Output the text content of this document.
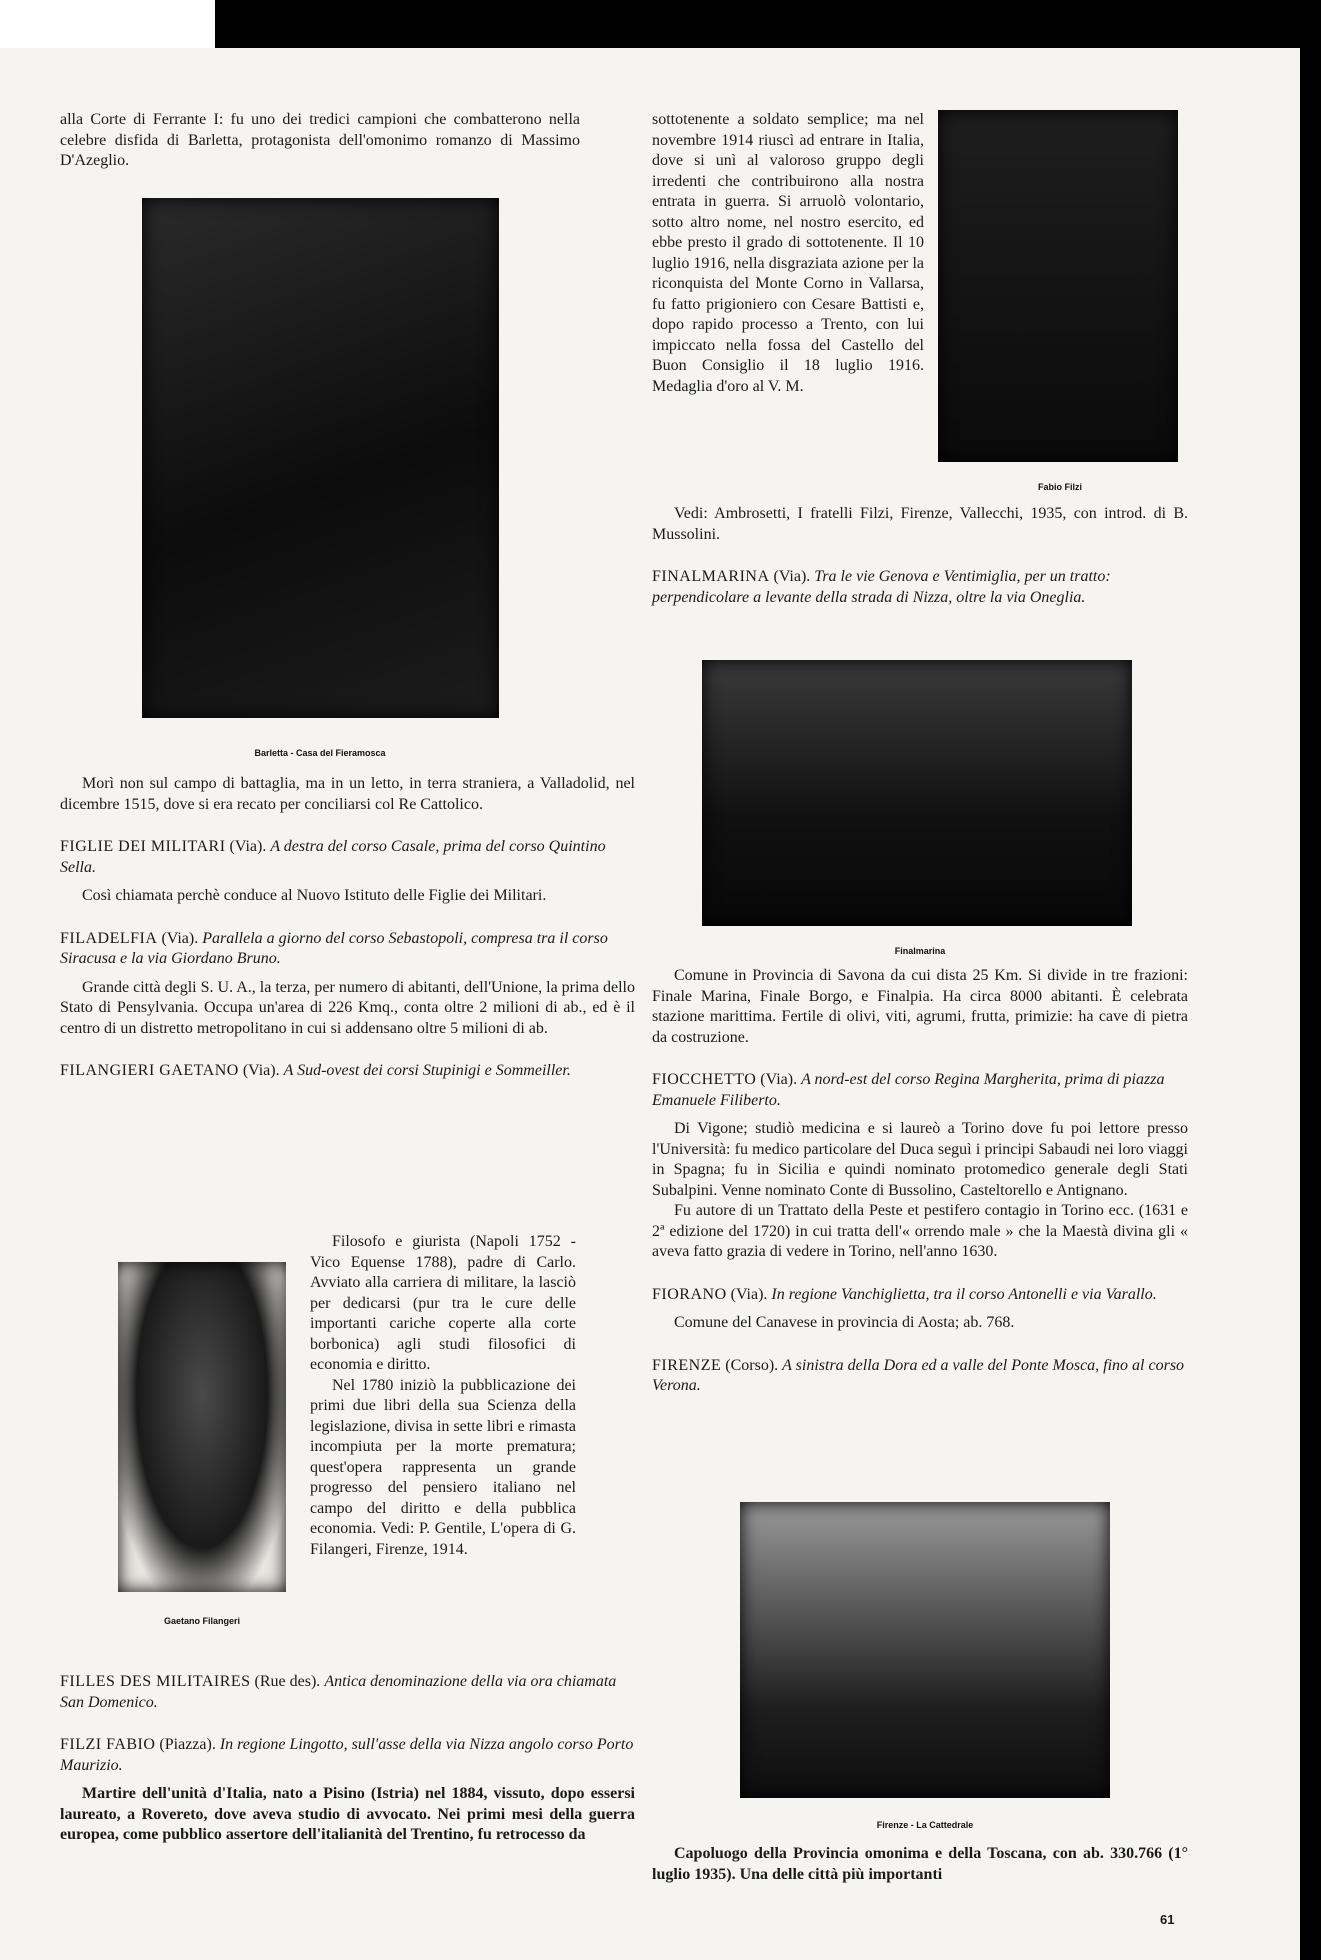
alla Corte di Ferrante I: fu uno dei tredici campioni che combatterono nella celebre disfida di Barletta, protagonista dell'omonimo romanzo di Massimo D'Azeglio.

Barletta - Casa del Fieramosca

Morì non sul campo di battaglia, ma in un letto, in terra straniera, a Valladolid, nel dicembre 1515, dove si era recato per conciliarsi col Re Cattolico.

FIGLIE DEI MILITARI (Via). A destra del corso Casale, prima del corso Quintino Sella.

Così chiamata perchè conduce al Nuovo Istituto delle Figlie dei Militari.

FILADELFIA (Via). Parallela a giorno del corso Sebastopoli, compresa tra il corso Siracusa e la via Giordano Bruno.

Grande città degli S. U. A., la terza, per numero di abitanti, dell'Unione, la prima dello Stato di Pensylvania. Occupa un'area di 226 Kmq., conta oltre 2 milioni di ab., ed è il centro di un distretto metropolitano in cui si addensano oltre 5 milioni di ab.

FILANGIERI GAETANO (Via). A Sud-ovest dei corsi Stupinigi e Sommeiller.

Gaetano Filangeri

Filosofo e giurista (Napoli 1752 - Vico Equense 1788), padre di Carlo. Avviato alla carriera di militare, la lasciò per dedicarsi (pur tra le cure delle importanti cariche coperte alla corte borbonica) agli studi filosofici di economia e diritto.

Nel 1780 iniziò la pubblicazione dei primi due libri della sua Scienza della legislazione, divisa in sette libri e rimasta incompiuta per la morte prematura; quest'opera rappresenta un grande progresso del pensiero italiano nel campo del diritto e della pubblica economia. Vedi: P. Gentile, L'opera di G. Filangeri, Firenze, 1914.

FILLES DES MILITAIRES (Rue des). Antica denominazione della via ora chiamata San Domenico.

FILZI FABIO (Piazza). In regione Lingotto, sull'asse della via Nizza angolo corso Porto Maurizio.

Martire dell'unità d'Italia, nato a Pisino (Istria) nel 1884, vissuto, dopo essersi laureato, a Rovereto, dove aveva studio di avvocato. Nei primi mesi della guerra europea, come pubblico assertore dell'italianità del Trentino, fu retrocesso da

Fabio Filzi

sottotenente a soldato semplice; ma nel novembre 1914 riuscì ad entrare in Italia, dove si unì al valoroso gruppo degli irredenti che contribuirono alla nostra entrata in guerra. Si arruolò volontario, sotto altro nome, nel nostro esercito, ed ebbe presto il grado di sottotenente. Il 10 luglio 1916, nella disgraziata azione per la riconquista del Monte Corno in Vallarsa, fu fatto prigioniero con Cesare Battisti e, dopo rapido processo a Trento, con lui impiccato nella fossa del Castello del Buon Consiglio il 18 luglio 1916. Medaglia d'oro al V. M.

Vedi: Ambrosetti, I fratelli Filzi, Firenze, Vallecchi, 1935, con introd. di B. Mussolini.

FINALMARINA (Via). Tra le vie Genova e Ventimiglia, per un tratto: perpendicolare a levante della strada di Nizza, oltre la via Oneglia.

Finalmarina

Comune in Provincia di Savona da cui dista 25 Km. Si divide in tre frazioni: Finale Marina, Finale Borgo, e Finalpia. Ha circa 8000 abitanti. È celebrata stazione marittima. Fertile di olivi, viti, agrumi, frutta, primizie: ha cave di pietra da costruzione.

FIOCCHETTO (Via). A nord-est del corso Regina Margherita, prima di piazza Emanuele Filiberto.

Di Vigone; studiò medicina e si laureò a Torino dove fu poi lettore presso l'Università: fu medico particolare del Duca seguì i principi Sabaudi nei loro viaggi in Spagna; fu in Sicilia e quindi nominato protomedico generale degli Stati Subalpini. Venne nominato Conte di Bussolino, Casteltorello e Antignano.

Fu autore di un Trattato della Peste et pestifero contagio in Torino ecc. (1631 e 2ª edizione del 1720) in cui tratta dell'« orrendo male » che la Maestà divina gli « aveva fatto grazia di vedere in Torino, nell'anno 1630.

FIORANO (Via). In regione Vanchiglietta, tra il corso Antonelli e via Varallo.

Comune del Canavese in provincia di Aosta; ab. 768.

FIRENZE (Corso). A sinistra della Dora ed a valle del Ponte Mosca, fino al corso Verona.

Firenze - La Cattedrale

Capoluogo della Provincia omonima e della Toscana, con ab. 330.766 (1° luglio 1935). Una delle città più importanti

61
